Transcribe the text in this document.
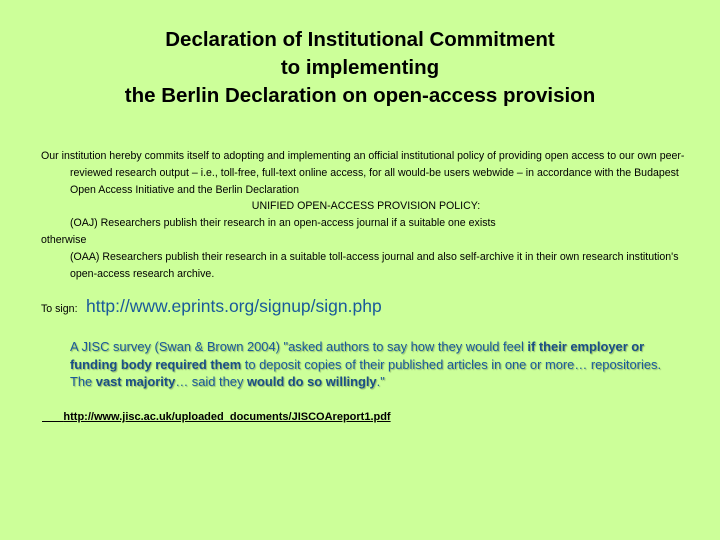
Declaration of Institutional Commitment
to implementing
the Berlin Declaration on open-access provision
Our institution hereby commits itself to adopting and implementing an official institutional policy of providing open access to our own peer-reviewed research output – i.e., toll-free, full-text online access, for all would-be users webwide – in accordance with the Budapest Open Access Initiative and the Berlin Declaration
UNIFIED OPEN-ACCESS PROVISION POLICY:
(OAJ) Researchers publish their research in an open-access journal if a suitable one exists
otherwise
(OAA) Researchers publish their research in a suitable toll-access journal and also self-archive it in their own research institution's open-access research archive.
To sign: http://www.eprints.org/signup/sign.php
A JISC survey (Swan & Brown 2004) "asked authors to say how they would feel if their employer or funding body required them to deposit copies of their published articles in one or more… repositories. The vast majority… said they would do so willingly."
http://www.jisc.ac.uk/uploaded_documents/JISCOAreport1.pdf
